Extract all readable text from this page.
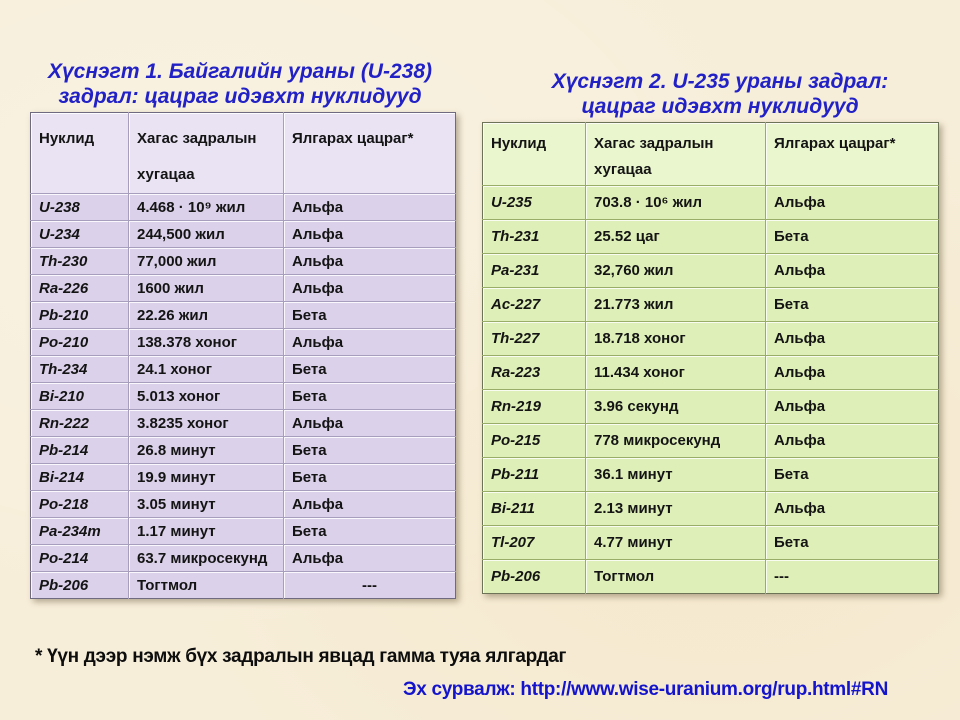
Хүснэгт 1. Байгалийн ураны (U-238)
задрал: цацраг идэвхт нуклидууд
Хүснэгт 2. U-235 ураны задрал:
цацраг идэвхт нуклидууд
Нуклид	Хагас задралын хугацаа	Ялгарах цацраг*
U-238	4.468 · 10⁹ жил	Альфа
U-234	244,500 жил	Альфа
Th-230	77,000 жил	Альфа
Ra-226	1600 жил	Альфа
Pb-210	22.26 жил	Бета
Po-210	138.378 хоног	Альфа
Th-234	24.1 хоног	Бета
Bi-210	5.013 хоног	Бета
Rn-222	3.8235 хоног	Альфа
Pb-214	26.8 минут	Бета
Bi-214	19.9 минут	Бета
Po-218	3.05 минут	Альфа
Pa-234m	1.17 минут	Бета
Po-214	63.7 микросекунд	Альфа
Pb-206	Тогтмол	---
Нуклид	Хагас задралын хугацаа	Ялгарах цацраг*
U-235	703.8 · 10⁶ жил	Альфа
Th-231	25.52 цаг	Бета
Pa-231	32,760 жил	Альфа
Ac-227	21.773 жил	Бета
Th-227	18.718 хоног	Альфа
Ra-223	11.434 хоног	Альфа
Rn-219	3.96 секунд	Альфа
Po-215	778 микросекунд	Альфа
Pb-211	36.1 минут	Бета
Bi-211	2.13 минут	Альфа
Tl-207	4.77 минут	Бета
Pb-206	Тогтмол	---
* Үүн дээр нэмж бүх задралын явцад гамма туяа ялгардаг
Эх сурвалж: http://www.wise-uranium.org/rup.html#RN
